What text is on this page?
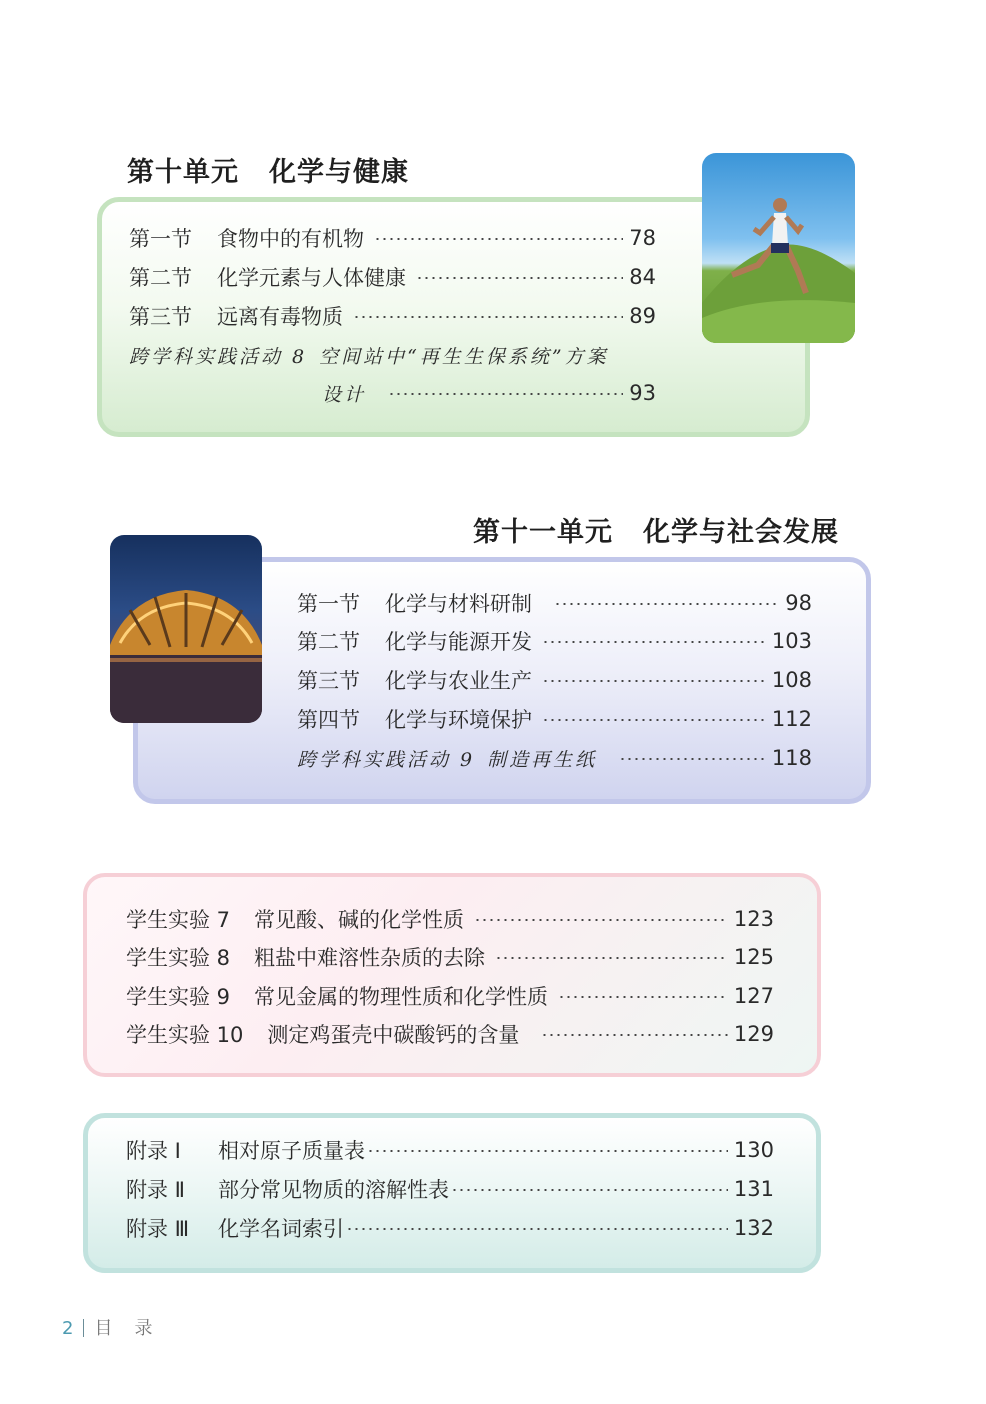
第十单元 化学与健康
第一节 食物中的有机物	78
第二节 化学元素与人体健康	84
第三节 远离有毒物质	89
跨学科实践活动 8 空间站中“再生生保系统”方案
设计	93
第十一单元 化学与社会发展
第一节 化学与材料研制	98
第二节 化学与能源开发	103
第三节 化学与农业生产	108
第四节 化学与环境保护	112
跨学科实践活动 9 制造再生纸	118
学生实验 7 常见酸、碱的化学性质	123
学生实验 8 粗盐中难溶性杂质的去除	125
学生实验 9 常见金属的物理性质和化学性质	127
学生实验 10 测定鸡蛋壳中碳酸钙的含量	129
附录 Ⅰ	相对原子质量表	130
附录 Ⅱ	部分常见物质的溶解性表	131
附录 Ⅲ	化学名词索引	132
2 目录
